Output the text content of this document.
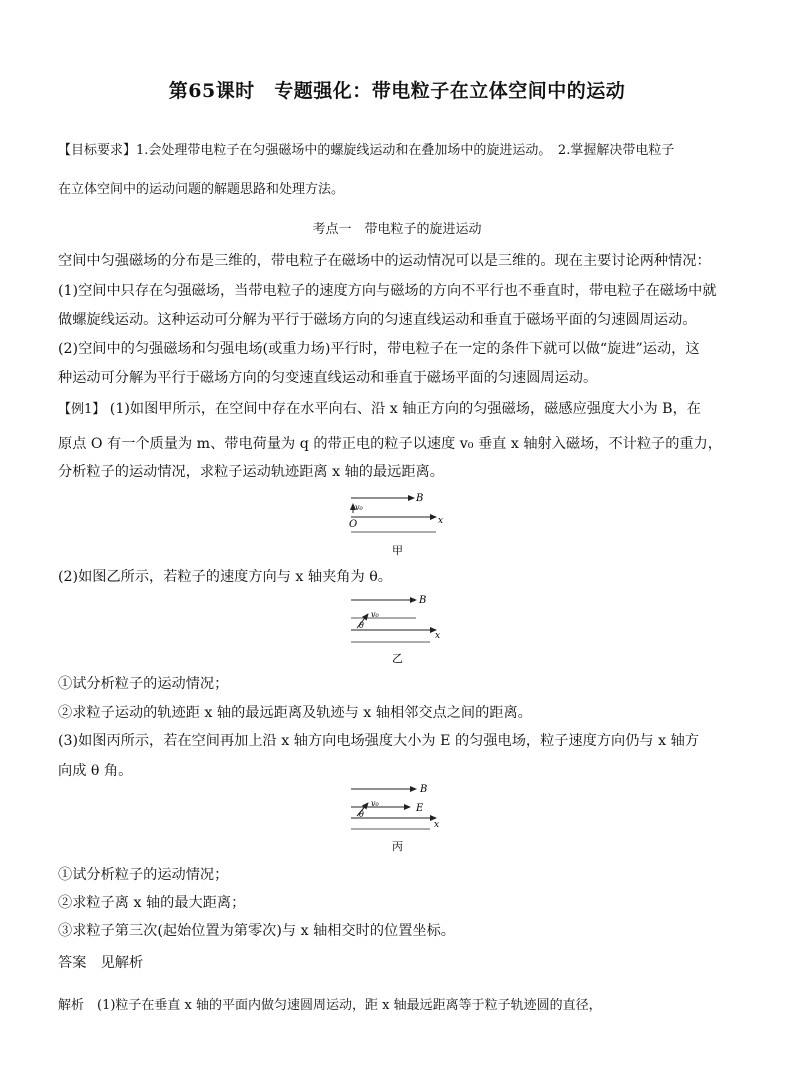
第65课时　专题强化：带电粒子在立体空间中的运动
【目标要求】1.会处理带电粒子在匀强磁场中的螺旋线运动和在叠加场中的旋进运动。　2.掌握解决带电粒子
在立体空间中的运动问题的解题思路和处理方法。
考点一　带电粒子的旋进运动
空间中匀强磁场的分布是三维的，带电粒子在磁场中的运动情况可以是三维的。现在主要讨论两种情况：
(1)空间中只存在匀强磁场，当带电粒子的速度方向与磁场的方向不平行也不垂直时，带电粒子在磁场中就
做螺旋线运动。这种运动可分解为平行于磁场方向的匀速直线运动和垂直于磁场平面的匀速圆周运动。
(2)空间中的匀强磁场和匀强电场(或重力场)平行时，带电粒子在一定的条件下就可以做“旋进”运动，这
种运动可分解为平行于磁场方向的匀变速直线运动和垂直于磁场平面的匀速圆周运动。
【例1】 (1)如图甲所示，在空间中存在水平向右、沿 x 轴正方向的匀强磁场，磁感应强度大小为 B，在
原点 O 有一个质量为 m、带电荷量为 q 的带正电的粒子以速度 v₀ 垂直 x 轴射入磁场，不计粒子的重力，
分析粒子的运动情况，求粒子运动轨迹距离 x 轴的最远距离。
B
v₀
x
O
甲
(2)如图乙所示，若粒子的速度方向与 x 轴夹角为 θ。
B
v₀
θ
x
乙
①试分析粒子的运动情况；
②求粒子运动的轨迹距 x 轴的最远距离及轨迹与 x 轴相邻交点之间的距离。
(3)如图丙所示，若在空间再加上沿 x 轴方向电场强度大小为 E 的匀强电场，粒子速度方向仍与 x 轴方
向成 θ 角。
B
v₀	E
θ
x
丙
①试分析粒子的运动情况；
②求粒子离 x 轴的最大距离；
③求粒子第三次(起始位置为第零次)与 x 轴相交时的位置坐标。
答案　见解析
解析　(1)粒子在垂直 x 轴的平面内做匀速圆周运动，距 x 轴最远距离等于粒子轨迹圆的直径，
